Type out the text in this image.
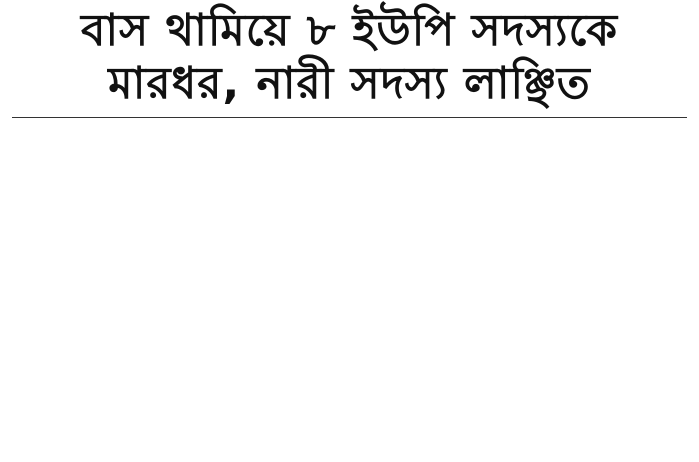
বাস থামিয়ে ৮ ইউপি সদস্যকে
মারধর, নারী সদস্য লাঞ্ছিত
